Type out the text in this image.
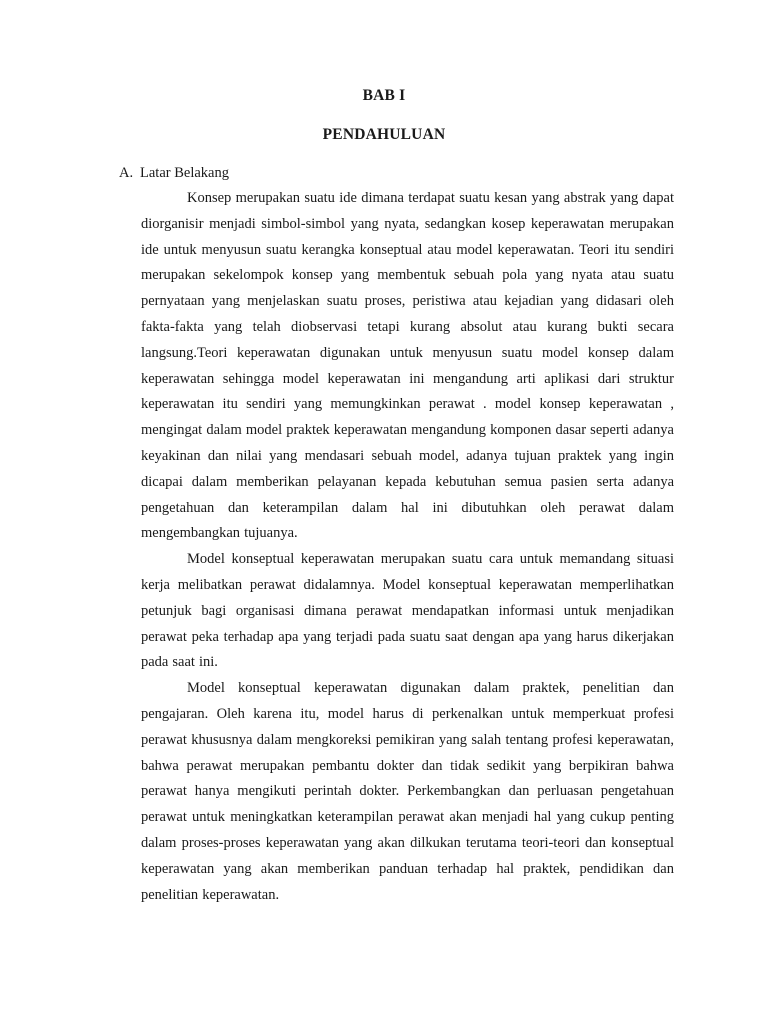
BAB I
PENDAHULUAN
A. Latar Belakang

Konsep merupakan suatu ide dimana terdapat suatu kesan yang abstrak yang dapat diorganisir menjadi simbol-simbol yang nyata, sedangkan kosep keperawatan merupakan ide untuk menyusun suatu kerangka konseptual atau model keperawatan. Teori itu sendiri merupakan sekelompok konsep yang membentuk sebuah pola yang nyata atau suatu pernyataan yang menjelaskan suatu proses, peristiwa atau kejadian yang didasari oleh fakta-fakta yang telah diobservasi tetapi kurang absolut atau kurang bukti secara langsung.Teori keperawatan digunakan untuk menyusun suatu model konsep dalam keperawatan sehingga model keperawatan ini mengandung arti aplikasi dari struktur keperawatan itu sendiri yang memungkinkan perawat . model konsep keperawatan , mengingat dalam model praktek keperawatan mengandung komponen dasar seperti adanya keyakinan dan nilai yang mendasari sebuah model, adanya tujuan praktek yang ingin dicapai dalam memberikan pelayanan kepada kebutuhan semua pasien serta adanya pengetahuan dan keterampilan dalam hal ini dibutuhkan oleh perawat dalam mengembangkan tujuanya.

Model konseptual keperawatan merupakan suatu cara untuk memandang situasi kerja melibatkan perawat didalamnya. Model konseptual keperawatan memperlihatkan petunjuk bagi organisasi dimana perawat mendapatkan informasi untuk menjadikan perawat peka terhadap apa yang terjadi pada suatu saat dengan apa yang harus dikerjakan pada saat ini.

Model konseptual keperawatan digunakan dalam praktek, penelitian dan pengajaran. Oleh karena itu, model harus di perkenalkan untuk memperkuat profesi perawat khususnya dalam mengkoreksi pemikiran yang salah tentang profesi keperawatan, bahwa perawat merupakan pembantu dokter dan tidak sedikit yang berpikiran bahwa perawat hanya mengikuti perintah dokter. Perkembangkan dan perluasan pengetahuan perawat untuk meningkatkan keterampilan perawat akan menjadi hal yang cukup penting dalam proses-proses keperawatan yang akan dilkukan terutama teori-teori dan konseptual keperawatan yang akan memberikan panduan terhadap hal praktek, pendidikan dan penelitian keperawatan.
